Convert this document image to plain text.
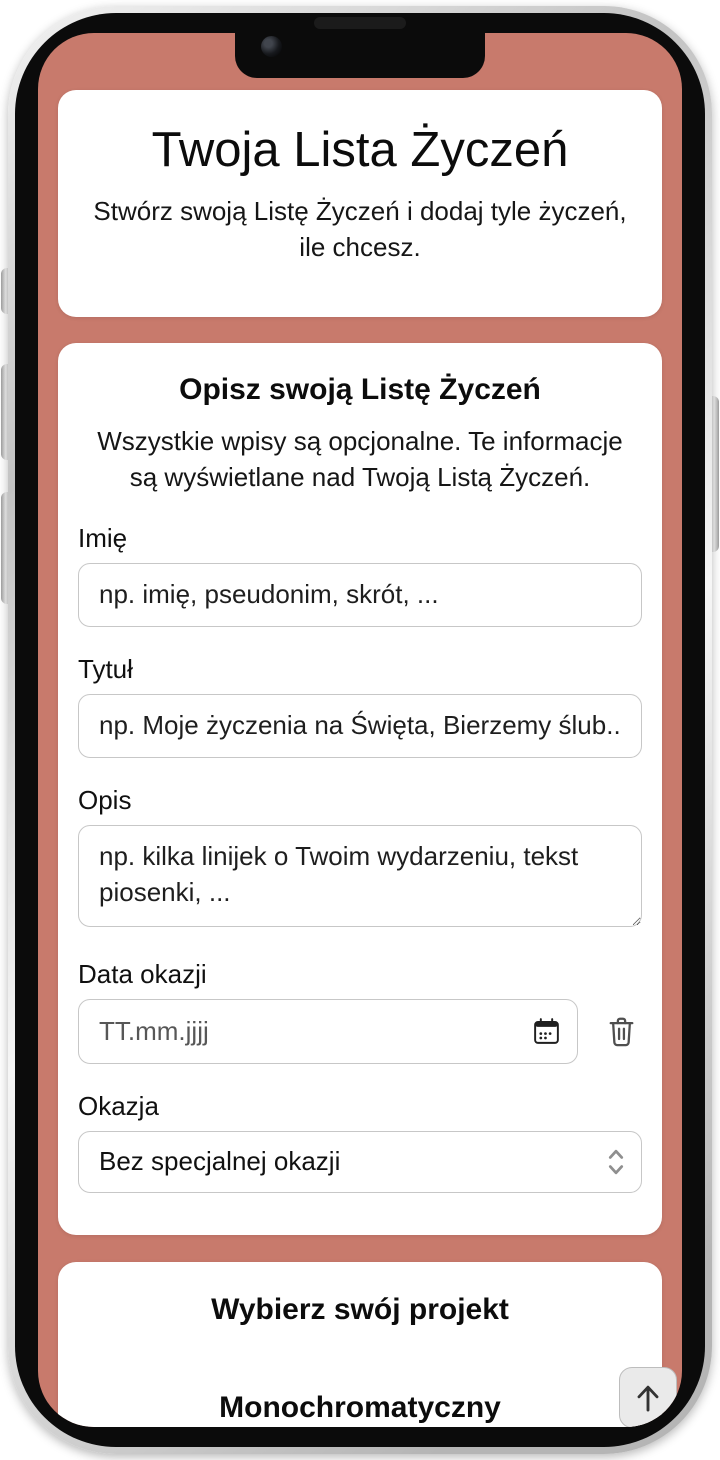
Twoja Lista Życzeń

Stwórz swoją Listę Życzeń i dodaj tyle życzeń, ile chcesz.

Opisz swoją Listę Życzeń

Wszystkie wpisy są opcjonalne. Te informacje są wyświetlane nad Twoją Listą Życzeń.

Imię
np. imię, pseudonim, skrót, ...
Tytuł
np. Moje życzenia na Święta, Bierzemy ślub...
Opis
np. kilka linijek o Twoim wydarzeniu, tekst piosenki, ...
Data okazji
TT.mm.jjjj
Okazja
Bez specjalnej okazji
Wybierz swój projekt
Monochromatyczny
